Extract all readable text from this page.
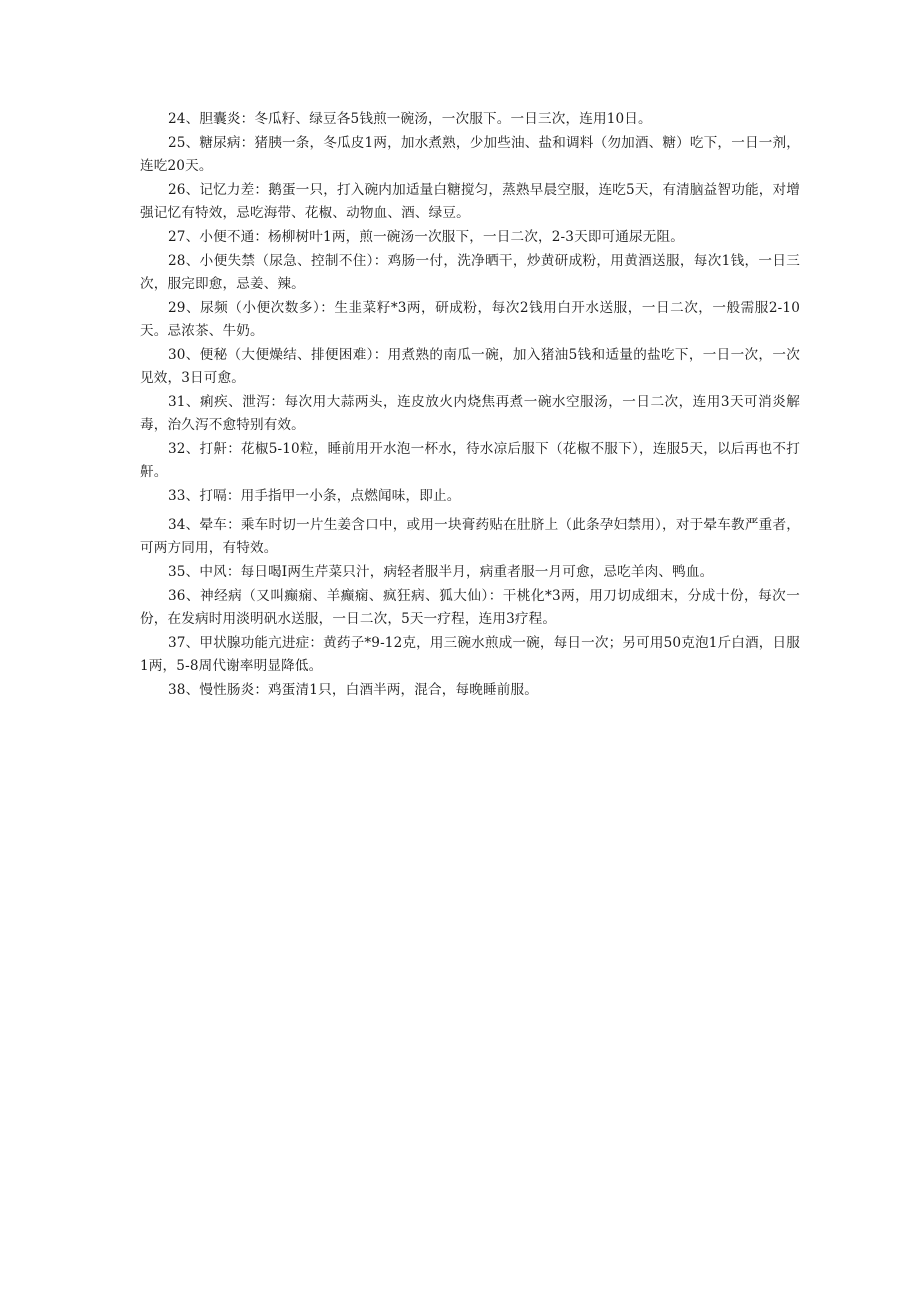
24、胆囊炎：冬瓜籽、绿豆各5钱煎一碗汤，一次服下。一日三次，连用10日。

25、糖尿病：猪胰一条，冬瓜皮1两，加水煮熟，少加些油、盐和调料（勿加酒、糖）吃下，一日一剂，连吃20天。

26、记忆力差：鹅蛋一只，打入碗内加适量白糖搅匀，蒸熟早晨空服，连吃5天，有清脑益智功能，对增强记忆有特效，忌吃海带、花椒、动物血、酒、绿豆。

27、小便不通：杨柳树叶1两，煎一碗汤一次服下，一日二次，2-3天即可通尿无阻。

28、小便失禁（尿急、控制不住）：鸡肠一付，洗净晒干，炒黄研成粉，用黄酒送服，每次1钱，一日三次，服完即愈，忌姜、辣。

29、尿频（小便次数多）：生韭菜籽*3两，研成粉，每次2钱用白开水送服，一日二次，一般需服2-10天。忌浓茶、牛奶。

30、便秘（大便燥结、排便困难）：用煮熟的南瓜一碗，加入猪油5钱和适量的盐吃下，一日一次，一次见效，3日可愈。

31、痢疾、泄泻：每次用大蒜两头，连皮放火内烧焦再煮一碗水空服汤，一日二次，连用3天可消炎解毒，治久泻不愈特别有效。

32、打鼾：花椒5-10粒，睡前用开水泡一杯水，待水凉后服下（花椒不服下），连服5天，以后再也不打鼾。

33、打嗝：用手指甲一小条，点燃闻味，即止。

34、晕车：乘车时切一片生姜含口中，或用一块膏药贴在肚脐上（此条孕妇禁用），对于晕车教严重者，可两方同用，有特效。

35、中风：每日喝I两生芹菜只汁，病轻者服半月，病重者服一月可愈，忌吃羊肉、鸭血。

36、神经病（又叫癫痫、羊癫痫、疯狂病、狐大仙）：干桃化*3两，用刀切成细末，分成十份，每次一份，在发病时用淡明矾水送服，一日二次，5天一疗程，连用3疗程。

37、甲状腺功能亢进症：黄药子*9-12克，用三碗水煎成一碗，每日一次；另可用50克泡1斤白酒，日服1两，5-8周代谢率明显降低。

38、慢性肠炎：鸡蛋清1只，白酒半两，混合，每晚睡前服。
